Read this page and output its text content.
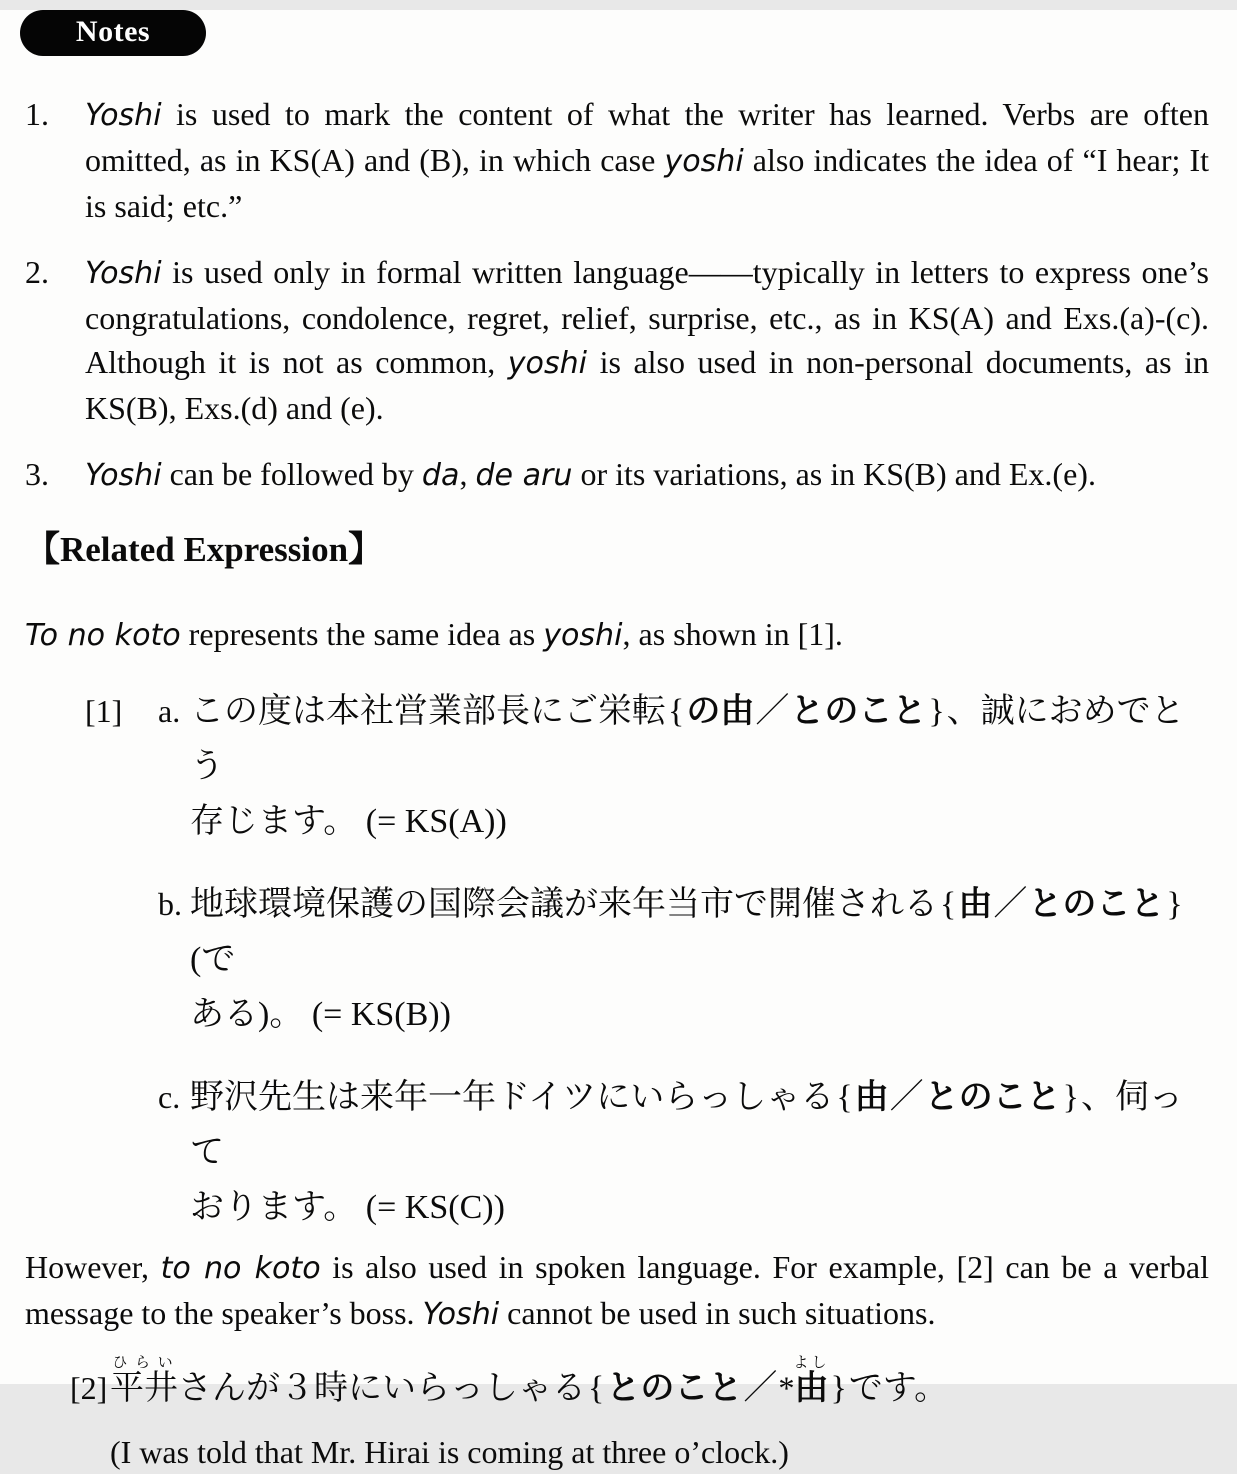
Notes
1.	Yoshi is used to mark the content of what the writer has learned. Verbs are often omitted, as in KS(A) and (B), in which case yoshi also indicates the idea of “I hear; It is said; etc.”
2.	Yoshi is used only in formal written language——typically in letters to express one’s congratulations, condolence, regret, relief, surprise, etc., as in KS(A) and Exs.(a)-(c). Although it is not as common, yoshi is also used in non-personal documents, as in KS(B), Exs.(d) and (e).
3.	Yoshi can be followed by da, de aru or its variations, as in KS(B) and Ex.(e).
【Related Expression】
To no koto represents the same idea as yoshi, as shown in [1].
[1]	a. この度は本社営業部長にご栄転{の由／とのこと}、誠におめでとう
存じます。 (= KS(A))
b. 地球環境保護の国際会議が来年当市で開催される{由／とのこと}(で
ある)。 (= KS(B))
c. 野沢先生は来年一年ドイツにいらっしゃる{由／とのこと}、伺って
おります。 (= KS(C))
However, to no koto is also used in spoken language. For example, [2] can be a verbal message to the speaker’s boss. Yoshi cannot be used in such situations.
[2] 平井ひらいさんが３時にいらっしゃる{とのこと／*由よし}です。
(I was told that Mr. Hirai is coming at three o’clock.)
